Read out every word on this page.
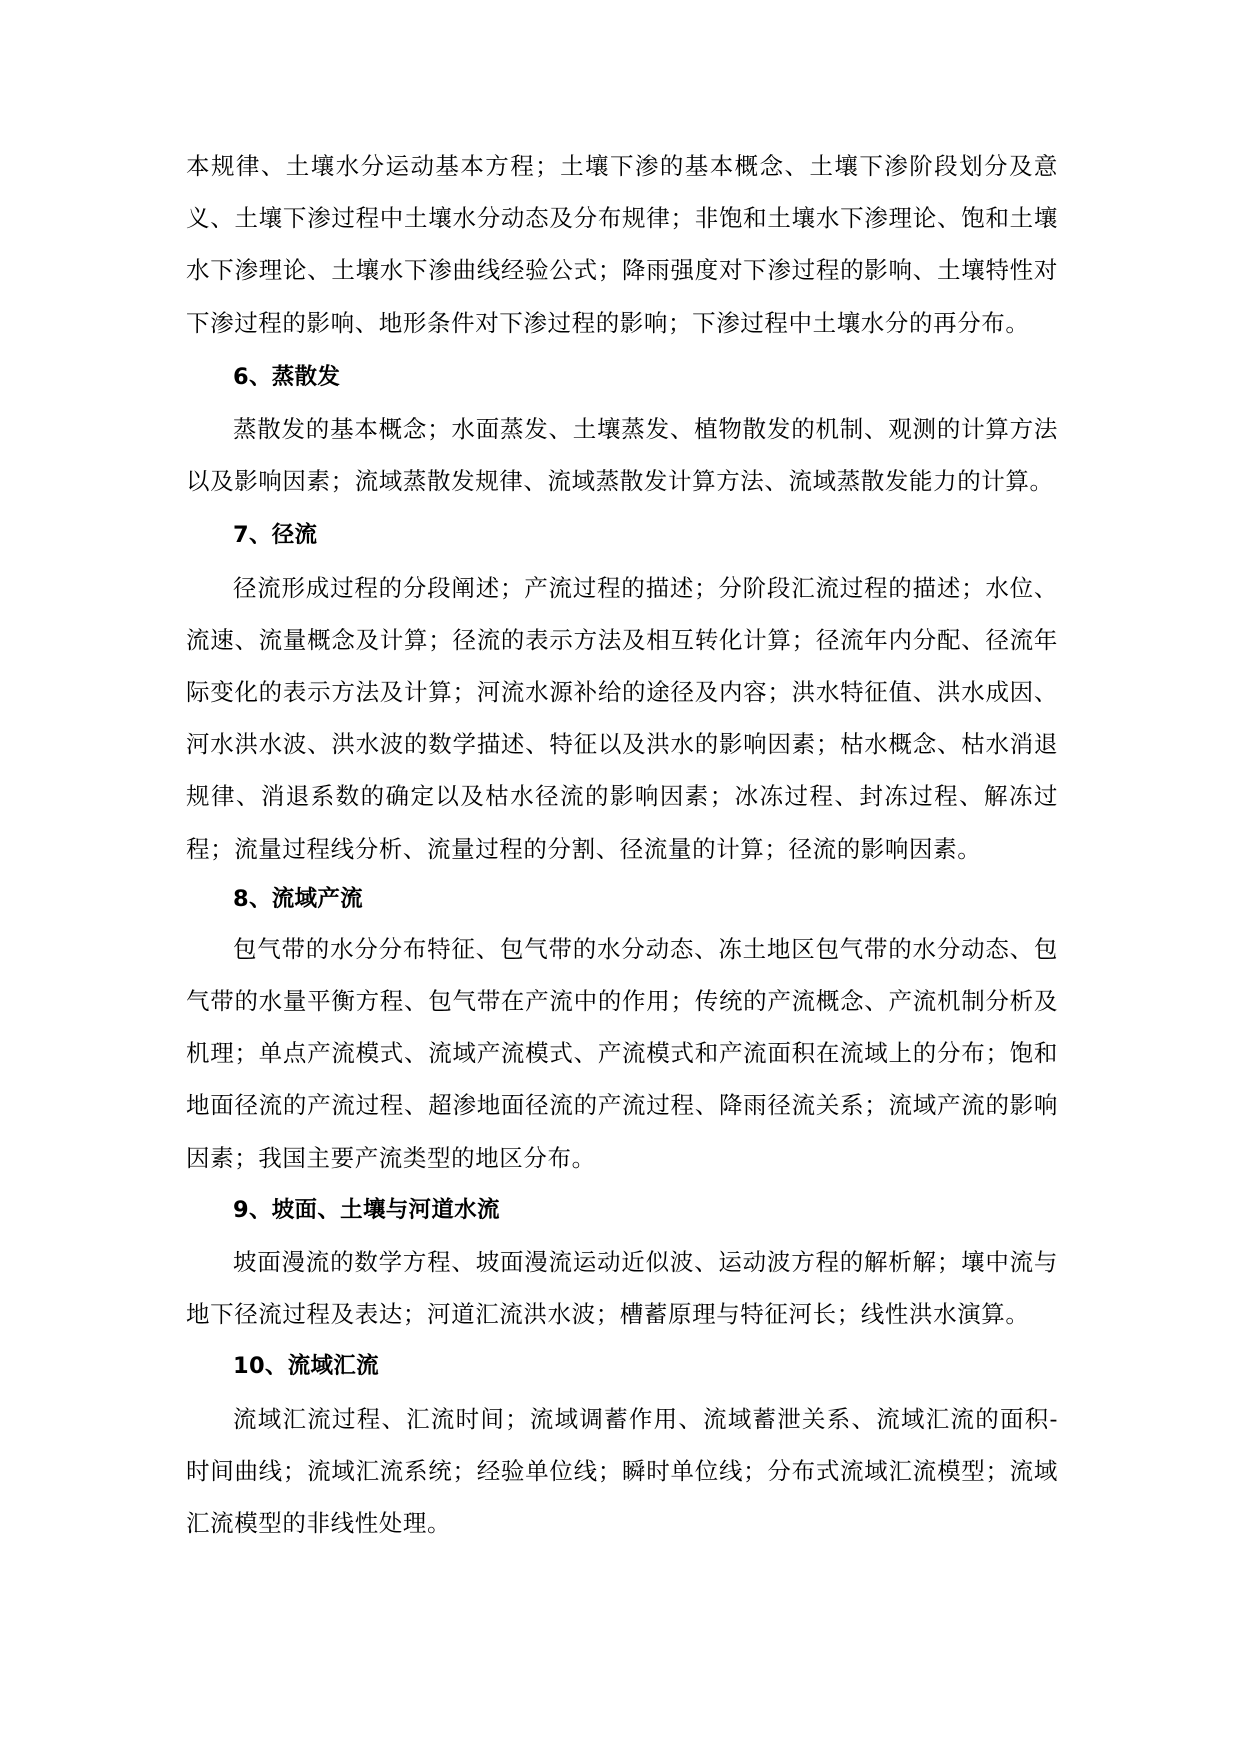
本规律、土壤水分运动基本方程；土壤下渗的基本概念、土壤下渗阶段划分及意义、土壤下渗过程中土壤水分动态及分布规律；非饱和土壤水下渗理论、饱和土壤水下渗理论、土壤水下渗曲线经验公式；降雨强度对下渗过程的影响、土壤特性对下渗过程的影响、地形条件对下渗过程的影响；下渗过程中土壤水分的再分布。

6、蒸散发

蒸散发的基本概念；水面蒸发、土壤蒸发、植物散发的机制、观测的计算方法以及影响因素；流域蒸散发规律、流域蒸散发计算方法、流域蒸散发能力的计算。

7、径流

径流形成过程的分段阐述；产流过程的描述；分阶段汇流过程的描述；水位、流速、流量概念及计算；径流的表示方法及相互转化计算；径流年内分配、径流年际变化的表示方法及计算；河流水源补给的途径及内容；洪水特征值、洪水成因、河水洪水波、洪水波的数学描述、特征以及洪水的影响因素；枯水概念、枯水消退规律、消退系数的确定以及枯水径流的影响因素；冰冻过程、封冻过程、解冻过程；流量过程线分析、流量过程的分割、径流量的计算；径流的影响因素。

8、流域产流

包气带的水分分布特征、包气带的水分动态、冻土地区包气带的水分动态、包气带的水量平衡方程、包气带在产流中的作用；传统的产流概念、产流机制分析及机理；单点产流模式、流域产流模式、产流模式和产流面积在流域上的分布；饱和地面径流的产流过程、超渗地面径流的产流过程、降雨径流关系；流域产流的影响因素；我国主要产流类型的地区分布。

9、坡面、土壤与河道水流

坡面漫流的数学方程、坡面漫流运动近似波、运动波方程的解析解；壤中流与地下径流过程及表达；河道汇流洪水波；槽蓄原理与特征河长；线性洪水演算。

10、流域汇流

流域汇流过程、汇流时间；流域调蓄作用、流域蓄泄关系、流域汇流的面积-时间曲线；流域汇流系统；经验单位线；瞬时单位线；分布式流域汇流模型；流域汇流模型的非线性处理。
